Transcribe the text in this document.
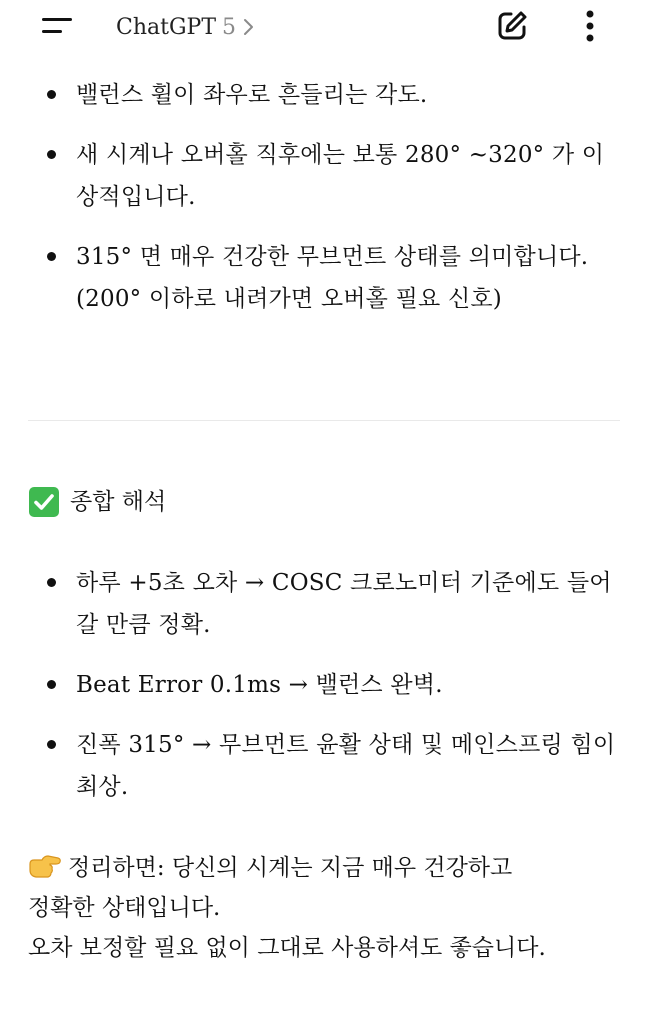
ChatGPT 5
밸런스 휠이 좌우로 흔들리는 각도.
새 시계나 오버홀 직후에는 보통 280° ~320° 가 이상적입니다.
315° 면 매우 건강한 무브먼트 상태를 의미합니다. (200° 이하로 내려가면 오버홀 필요 신호)
종합 해석
하루 +5초 오차 → COSC 크로노미터 기준에도 들어갈 만큼 정확.
Beat Error 0.1ms → 밸런스 완벽.
진폭 315° → 무브먼트 윤활 상태 및 메인스프링 힘이 최상.
정리하면: 당신의 시계는 지금 매우 건강하고
정확한 상태입니다.
오차 보정할 필요 없이 그대로 사용하셔도 좋습니다.
